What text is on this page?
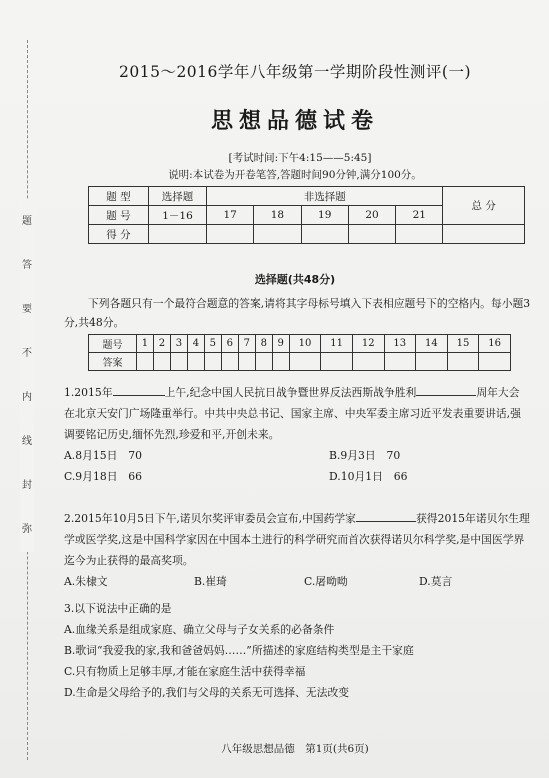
题
答
要
不
内
线
封
弥
2015～2016学年八年级第一学期阶段性测评(一)
思想品德试卷
[考试时间:下午4:15——5:45]
说明:本试卷为开卷笔答,答题时间90分钟,满分100分。
题 型	选择题	非选择题					总 分
题 号	1－16	17	18	19	20	21	
得 分							
选择题(共48分)
下列各题只有一个最符合题意的答案,请将其字母标号填入下表相应题号下的空格内。每小题3分,共48分。
题号	1	2	3	4	5	6	7	8	9	10	11	12	13	14	15	16
答案																
1.2015年	上午,纪念中国人民抗日战争暨世界反法西斯战争胜利	周年大会在北京天安门广场隆重举行。中共中央总书记、国家主席、中央军委主席习近平发表重要讲话,强调要铭记历史,缅怀先烈,珍爱和平,开创未来。
A.8月15日　70	B.9月3日　70
C.9月18日　66	D.10月1日　66
2.2015年10月5日下午,诺贝尔奖评审委员会宣布,中国药学家	获得2015年诺贝尔生理学或医学奖,这是中国科学家因在中国本土进行的科学研究而首次获得诺贝尔科学奖,是中国医学界迄今为止获得的最高奖项。
A.朱棣文	B.崔琦	C.屠呦呦	D.莫言
3.以下说法中正确的是
A.血缘关系是组成家庭、确立父母与子女关系的必备条件
B.歌词“我爱我的家,我和爸爸妈妈……”所描述的家庭结构类型是主干家庭
C.只有物质上足够丰厚,才能在家庭生活中获得幸福
D.生命是父母给予的,我们与父母的关系无可选择、无法改变
八年级思想品德　第1页(共6页)
